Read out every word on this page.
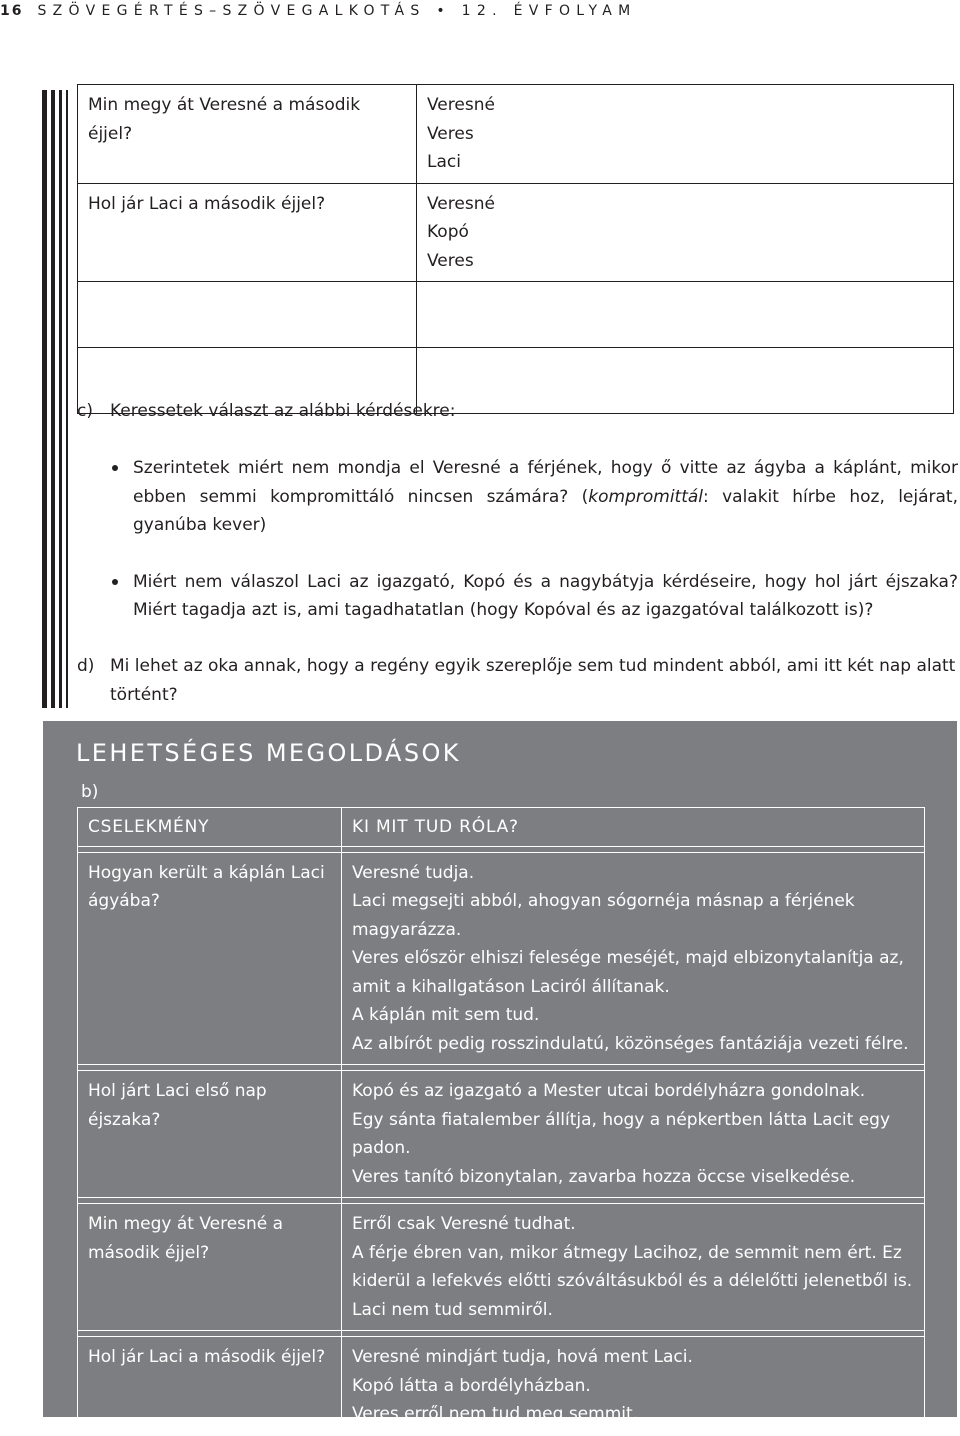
16 SZÖVEGÉRTÉS–SZÖVEGALKOTÁS • 12. ÉVFOLYAM
Min megy át Veresné a második éjjel?	Veresné
Veres
Laci

Hol jár Laci a második éjjel?	Veresné
Kopó
Veres

c) Keressetek választ az alábbi kérdésekre:
Szerintetek miért nem mondja el Veresné a férjének, hogy ő vitte az ágyba a káplánt, mikor ebben semmi kompromittáló nincsen számára? (kompromittál: valakit hírbe hoz, lejárat, gyanúba kever)
Miért nem válaszol Laci az igazgató, Kopó és a nagybátyja kérdéseire, hogy hol járt éjszaka? Miért tagadja azt is, ami tagadhatatlan (hogy Kopóval és az igazgatóval találkozott is)?
d) Mi lehet az oka annak, hogy a regény egyik szereplője sem tud mindent abból, ami itt két nap alatt történt?
LEHETSÉGES MEGOLDÁSOK
b)
CSELEKMÉNY	KI MIT TUD RÓLA?

Hogyan került a káplán Laci ágyába?	Veresné tudja.
Laci megsejti abból, ahogyan sógornéja másnap a férjének magyarázza.
Veres először elhiszi felesége meséjét, majd elbizonytalanítja az, amit a kihallgatáson Laciról állítanak.
A káplán mit sem tud.
Az albírót pedig rosszindulatú, közönséges fantáziája vezeti félre.

Hol járt Laci első nap éjszaka?	Kopó és az igazgató a Mester utcai bordélyházra gondolnak.
Egy sánta fiatalember állítja, hogy a népkertben látta Lacit egy padon.
Veres tanító bizonytalan, zavarba hozza öccse viselkedése.

Min megy át Veresné a második éjjel?	Erről csak Veresné tudhat.
A férje ébren van, mikor átmegy Lacihoz, de semmit nem ért. Ez kiderül a lefekvés előtti szóváltásukból és a délelőtti jelenetből is.
Laci nem tud semmiről.

Hol jár Laci a második éjjel?	Veresné mindjárt tudja, hová ment Laci.
Kopó látta a bordélyházban.
Veres erről nem tud meg semmit.
